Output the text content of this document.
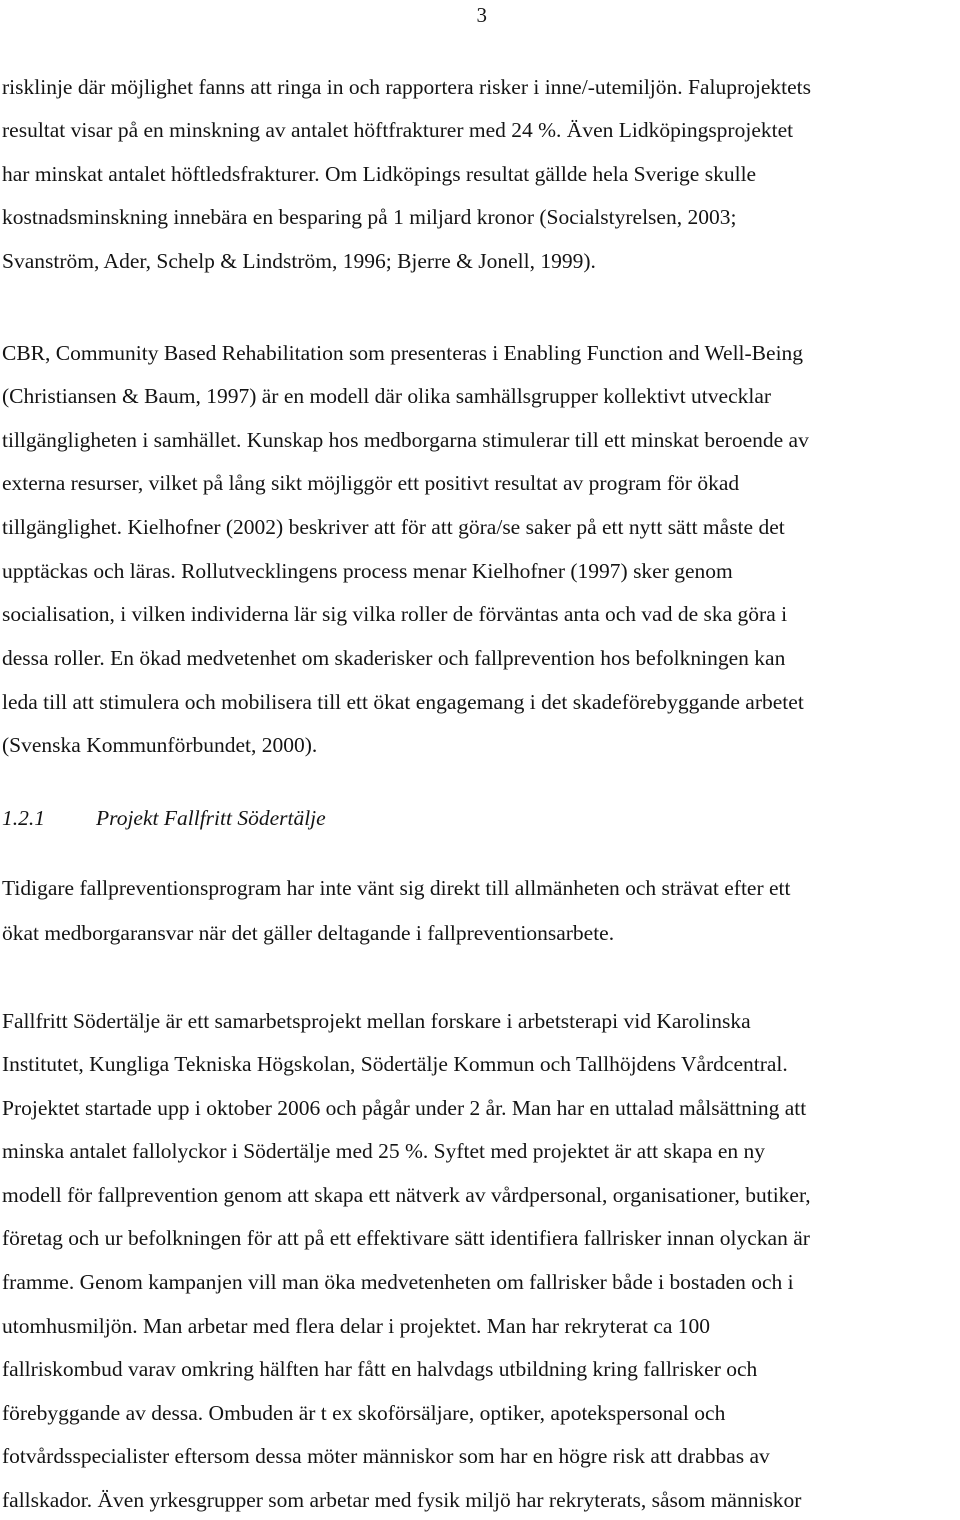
3
risklinje där möjlighet fanns att ringa in och rapportera risker i inne/-utemiljön. Faluprojektets
resultat visar på en minskning av antalet höftfrakturer med 24 %. Även Lidköpingsprojektet
har minskat antalet höftledsfrakturer. Om Lidköpings resultat gällde hela Sverige skulle
kostnadsminskning innebära en besparing på 1 miljard kronor (Socialstyrelsen, 2003;
Svanström, Ader, Schelp & Lindström, 1996; Bjerre & Jonell, 1999).
CBR, Community Based Rehabilitation som presenteras i Enabling Function and Well-Being
(Christiansen & Baum, 1997) är en modell där olika samhällsgrupper kollektivt utvecklar
tillgängligheten i samhället. Kunskap hos medborgarna stimulerar till ett minskat beroende av
externa resurser, vilket på lång sikt möjliggör ett positivt resultat av program för ökad
tillgänglighet. Kielhofner (2002) beskriver att för att göra/se saker på ett nytt sätt måste det
upptäckas och läras. Rollutvecklingens process menar Kielhofner (1997) sker genom
socialisation, i vilken individerna lär sig vilka roller de förväntas anta och vad de ska göra i
dessa roller. En ökad medvetenhet om skaderisker och fallprevention hos befolkningen kan
leda till att stimulera och mobilisera till ett ökat engagemang i det skadeförebyggande arbetet
(Svenska Kommunförbundet, 2000).
1.2.1 Projekt Fallfritt Södertälje
Tidigare fallpreventionsprogram har inte vänt sig direkt till allmänheten och strävat efter ett
ökat medborgaransvar när det gäller deltagande i fallpreventionsarbete.
Fallfritt Södertälje är ett samarbetsprojekt mellan forskare i arbetsterapi vid Karolinska
Institutet, Kungliga Tekniska Högskolan, Södertälje Kommun och Tallhöjdens Vårdcentral.
Projektet startade upp i oktober 2006 och pågår under 2 år. Man har en uttalad målsättning att
minska antalet fallolyckor i Södertälje med 25 %. Syftet med projektet är att skapa en ny
modell för fallprevention genom att skapa ett nätverk av vårdpersonal, organisationer, butiker,
företag och ur befolkningen för att på ett effektivare sätt identifiera fallrisker innan olyckan är
framme. Genom kampanjen vill man öka medvetenheten om fallrisker både i bostaden och i
utomhusmiljön. Man arbetar med flera delar i projektet. Man har rekryterat ca 100
fallriskombud varav omkring hälften har fått en halvdags utbildning kring fallrisker och
förebyggande av dessa. Ombuden är t ex skoförsäljare, optiker, apotekspersonal och
fotvårdsspecialister eftersom dessa möter människor som har en högre risk att drabbas av
fallskador. Även yrkesgrupper som arbetar med fysik miljö har rekryterats, såsom människor
